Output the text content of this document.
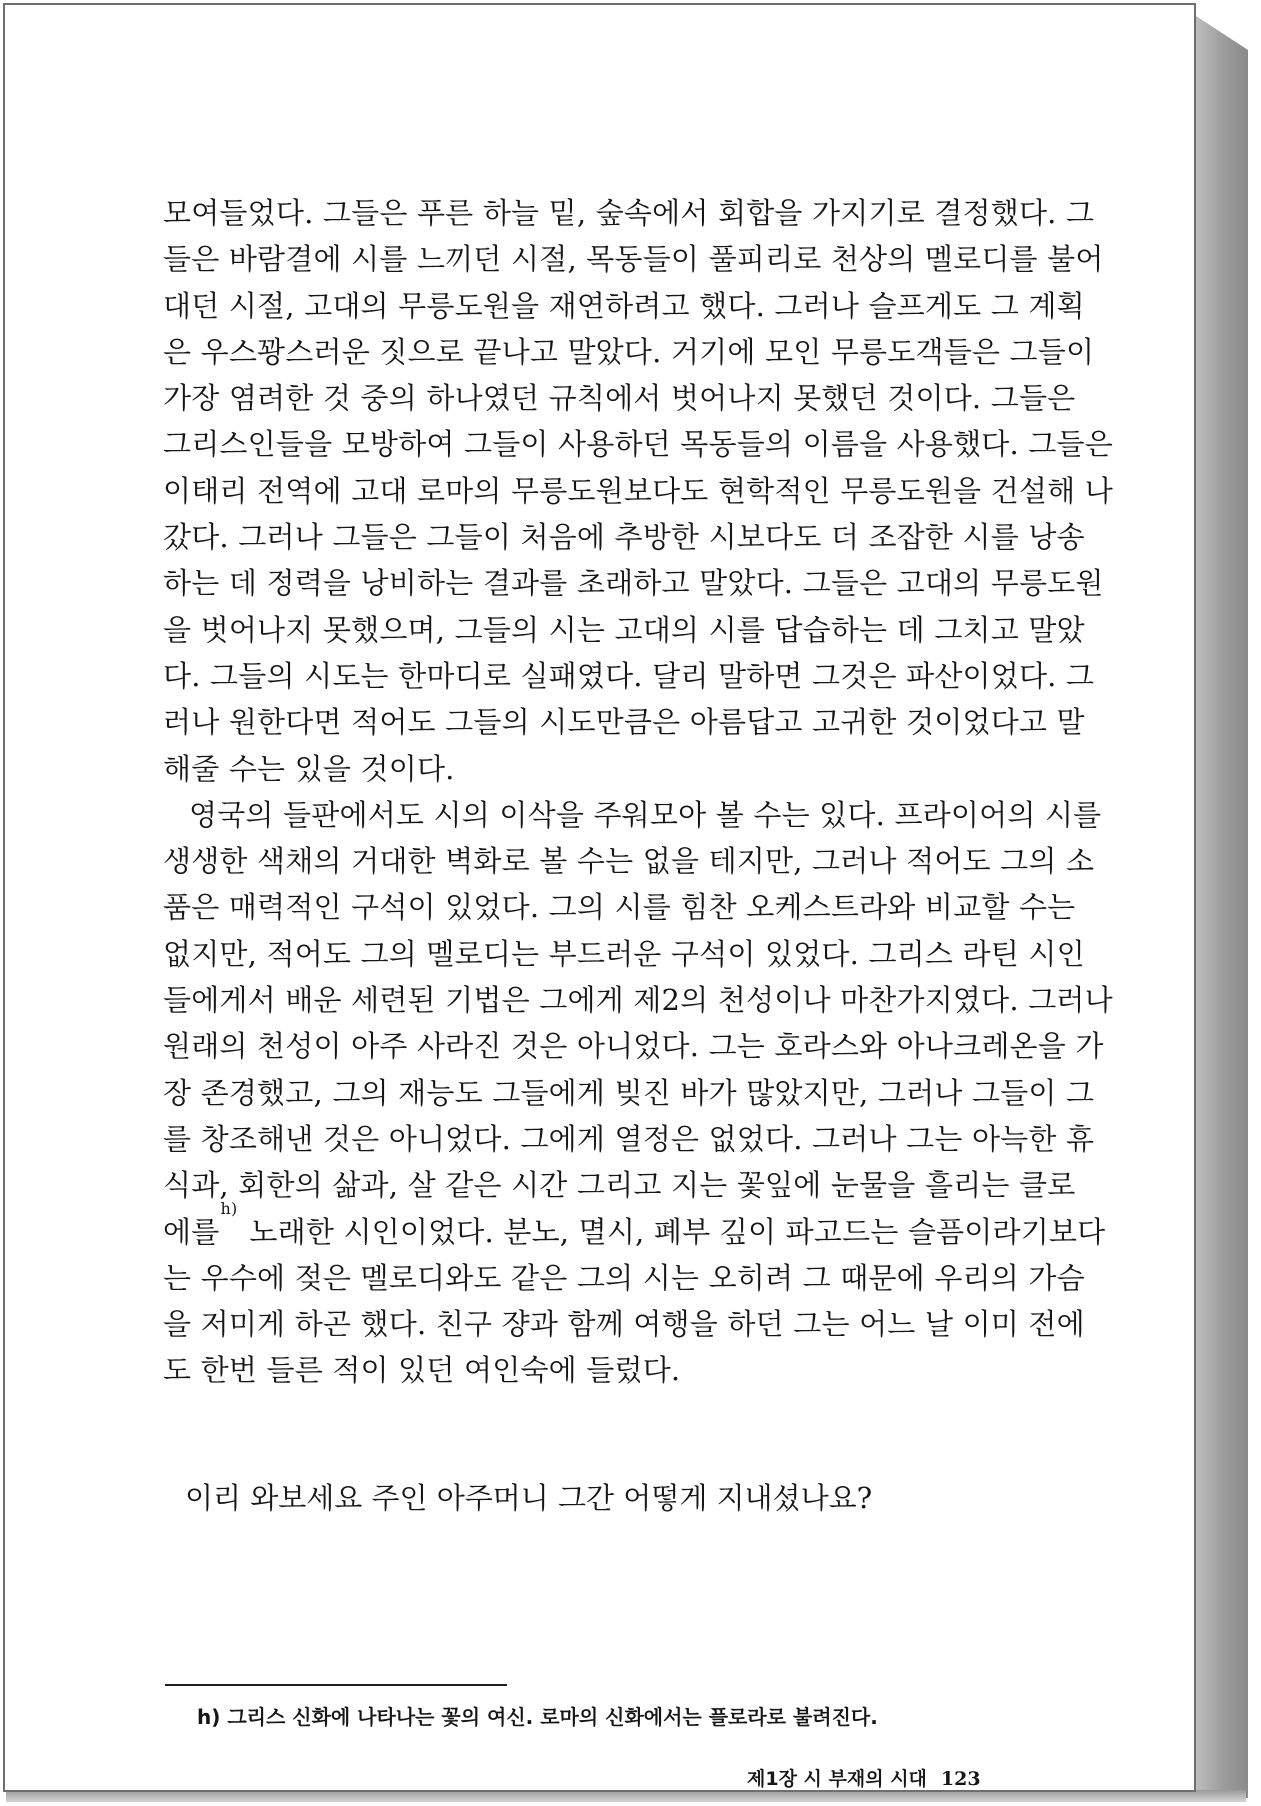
모여들었다. 그들은 푸른 하늘 밑, 숲속에서 회합을 가지기로 결정했다. 그
들은 바람결에 시를 느끼던 시절, 목동들이 풀피리로 천상의 멜로디를 불어
대던 시절, 고대의 무릉도원을 재연하려고 했다. 그러나 슬프게도 그 계획
은 우스꽝스러운 짓으로 끝나고 말았다. 거기에 모인 무릉도객들은 그들이
가장 염려한 것 중의 하나였던 규칙에서 벗어나지 못했던 것이다. 그들은
그리스인들을 모방하여 그들이 사용하던 목동들의 이름을 사용했다. 그들은
이태리 전역에 고대 로마의 무릉도원보다도 현학적인 무릉도원을 건설해 나
갔다. 그러나 그들은 그들이 처음에 추방한 시보다도 더 조잡한 시를 낭송
하는 데 정력을 낭비하는 결과를 초래하고 말았다. 그들은 고대의 무릉도원
을 벗어나지 못했으며, 그들의 시는 고대의 시를 답습하는 데 그치고 말았
다. 그들의 시도는 한마디로 실패였다. 달리 말하면 그것은 파산이었다. 그
러나 원한다면 적어도 그들의 시도만큼은 아름답고 고귀한 것이었다고 말
해줄 수는 있을 것이다.
영국의 들판에서도 시의 이삭을 주워모아 볼 수는 있다. 프라이어의 시를
생생한 색채의 거대한 벽화로 볼 수는 없을 테지만, 그러나 적어도 그의 소
품은 매력적인 구석이 있었다. 그의 시를 힘찬 오케스트라와 비교할 수는
없지만, 적어도 그의 멜로디는 부드러운 구석이 있었다. 그리스 라틴 시인
들에게서 배운 세련된 기법은 그에게 제2의 천성이나 마찬가지였다. 그러나
원래의 천성이 아주 사라진 것은 아니었다. 그는 호라스와 아나크레온을 가
장 존경했고, 그의 재능도 그들에게 빚진 바가 많았지만, 그러나 그들이 그
를 창조해낸 것은 아니었다. 그에게 열정은 없었다. 그러나 그는 아늑한 휴
식과, 회한의 삶과, 살 같은 시간 그리고 지는 꽃잎에 눈물을 흘리는 클로
에를
h)
노래한 시인이었다. 분노, 멸시, 폐부 깊이 파고드는 슬픔이라기보다
는 우수에 젖은 멜로디와도 같은 그의 시는 오히려 그 때문에 우리의 가슴
을 저미게 하곤 했다. 친구 쟝과 함께 여행을 하던 그는 어느 날 이미 전에
도 한번 들른 적이 있던 여인숙에 들렀다.
이리 와보세요 주인 아주머니 그간 어떻게 지내셨나요?
h) 그리스 신화에 나타나는 꽃의 여신. 로마의 신화에서는 플로라로 불려진다.
제1장 시 부재의 시대 123
